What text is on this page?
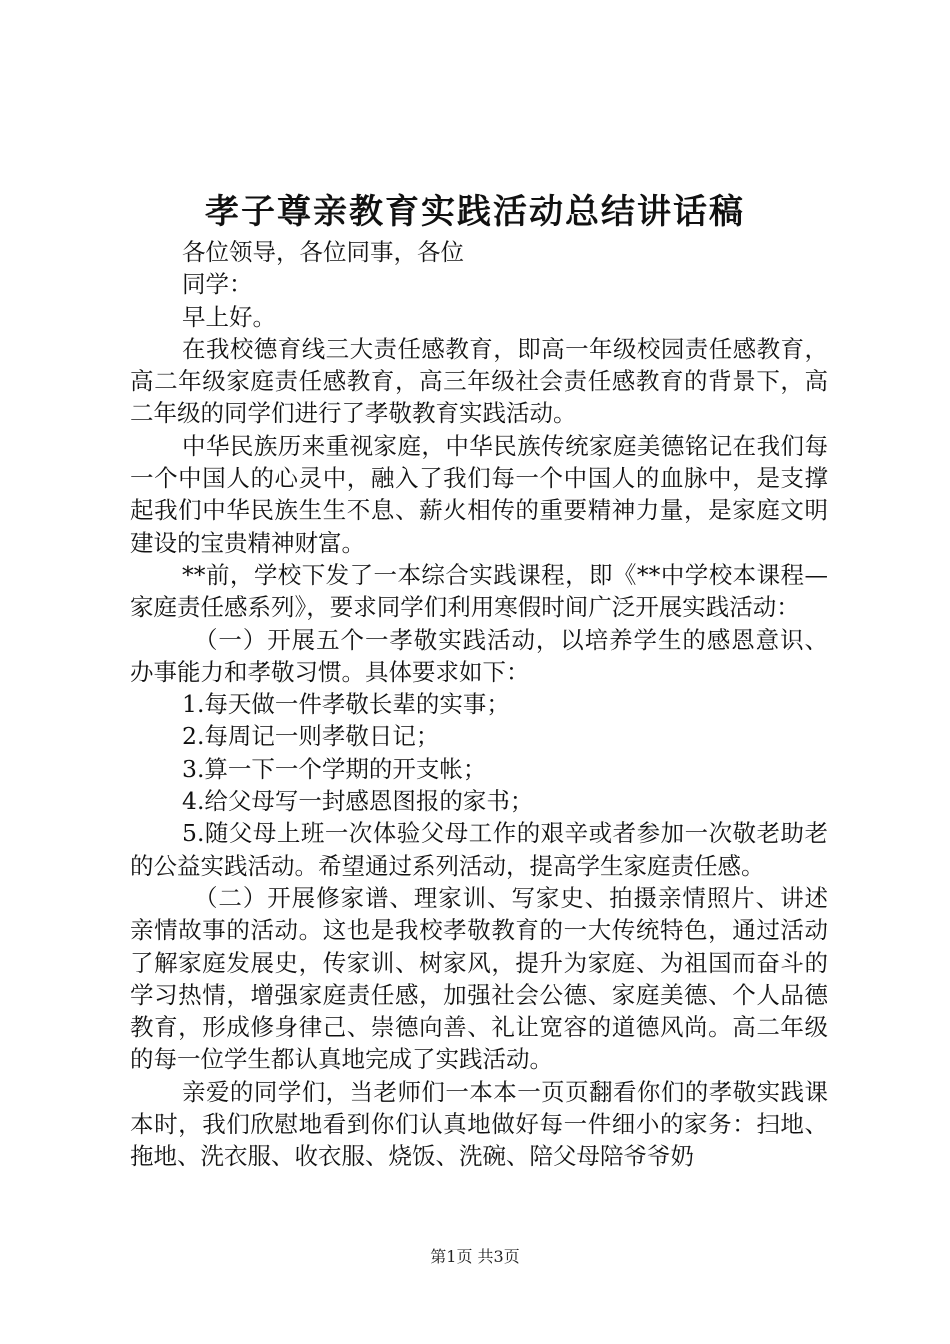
孝子尊亲教育实践活动总结讲话稿

各位领导，各位同事，各位

同学：

早上好。

在我校德育线三大责任感教育，即高一年级校园责任感教育，高二年级家庭责任感教育，高三年级社会责任感教育的背景下，高二年级的同学们进行了孝敬教育实践活动。

中华民族历来重视家庭，中华民族传统家庭美德铭记在我们每一个中国人的心灵中，融入了我们每一个中国人的血脉中，是支撑起我们中华民族生生不息、薪火相传的重要精神力量，是家庭文明建设的宝贵精神财富。

**前，学校下发了一本综合实践课程，即《**中学校本课程—家庭责任感系列》，要求同学们利用寒假时间广泛开展实践活动：

（一）开展五个一孝敬实践活动，以培养学生的感恩意识、办事能力和孝敬习惯。具体要求如下：

1.每天做一件孝敬长辈的实事；

2.每周记一则孝敬日记；

3.算一下一个学期的开支帐；

4.给父母写一封感恩图报的家书；

5.随父母上班一次体验父母工作的艰辛或者参加一次敬老助老的公益实践活动。希望通过系列活动，提高学生家庭责任感。

（二）开展修家谱、理家训、写家史、拍摄亲情照片、讲述亲情故事的活动。这也是我校孝敬教育的一大传统特色，通过活动了解家庭发展史，传家训、树家风，提升为家庭、为祖国而奋斗的学习热情，增强家庭责任感，加强社会公德、家庭美德、个人品德教育，形成修身律己、崇德向善、礼让宽容的道德风尚。高二年级的每一位学生都认真地完成了实践活动。

亲爱的同学们，当老师们一本本一页页翻看你们的孝敬实践课本时，我们欣慰地看到你们认真地做好每一件细小的家务：扫地、拖地、洗衣服、收衣服、烧饭、洗碗、陪父母陪爷爷奶

第1页 共3页
